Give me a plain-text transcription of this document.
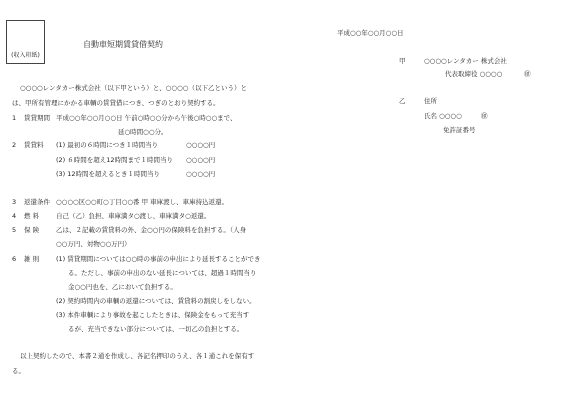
(収入印紙)
自動車短期賃貸借契約
平成○○年○○月○○日
甲	○○○○レンタカー 株式会社
代表取締役 ○○○○	㊞
乙	住所
氏名 ○○○○	㊞
免許証番号
○○○○レンタカー株式会社（以下甲という）と、○○○○（以下乙という）と
は、甲所有管理にかかる車輌の賃貸借につき、つぎのとおり契約する。
1 賃貸期間 平成○○年○○月○○日 午前○時○○分から午後○時○○まで、
延○時間○○分。
2 賃貸料 (1) 最初の６時間につき１時間当り	○○○○円
(2) ６時間を超え12時間まで１時間当り ○○○○円
(3) 12時間を超えるとき１時間当り	○○○○円
3 返還条件 ○○○○区○○町○丁目○○番 甲 車庫渡し、車庫持込返還。
4 燃 料	自己（乙）負担、車庫満タ○渡し、車庫満タ○返還。
5 保 険	乙は、２記載の賃貸料の外、金○○円の保険料を負担する。（人身
○○万円、対物○○万円）
6 雑 則	(1) 賃貸期間については○○時の事前の申出により延長することができ
る。ただし、事前の申出のない延長については、超過１時間当り
金○○円也を、乙において負担する。
(2) 契約時間内の車輌の返還については、賃貸料の割戻しをしない。
(3) 本件車輌により事故を起こしたときは、保険金をもって充当す
るが、充当できない部分については、一切乙の負担とする。
以上契約したので、本書２通を作成し、各記名押印のうえ、各１通これを保有す
る。
